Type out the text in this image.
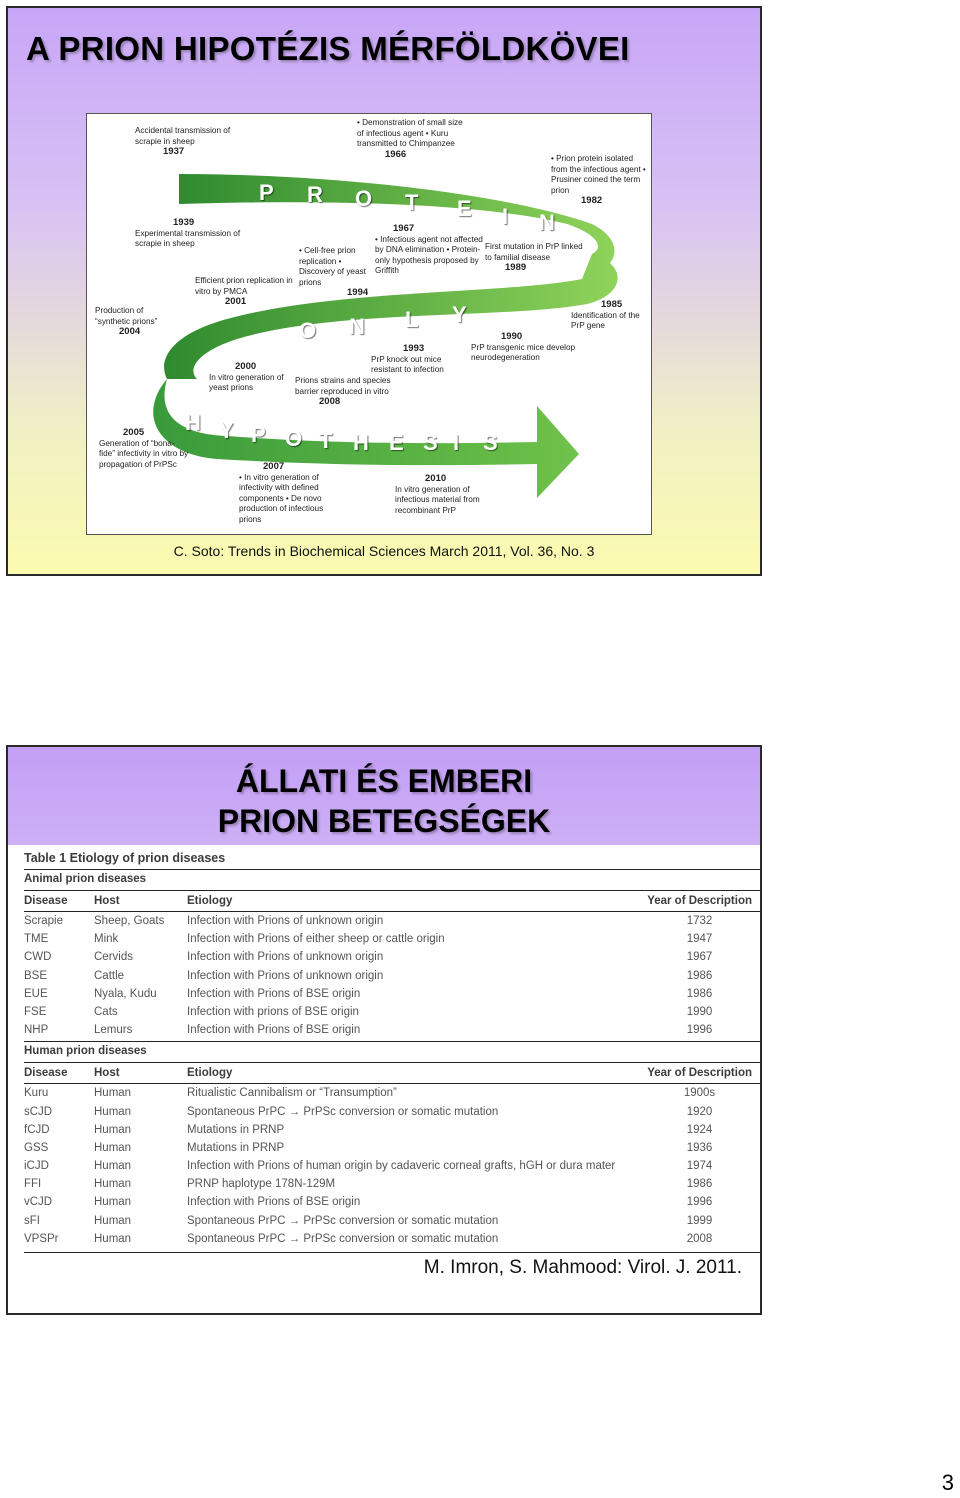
A PRION HIPOTÉZIS MÉRFÖLDKÖVEI
P R O T E I N
O N L Y
H Y P O T H E S I S
Accidental transmission of scrapie in sheep
1937
• Demonstration of small size of infectious agent • Kuru transmitted to Chimpanzee
1966	• Prion protein isolated from the infectious agent • Prusiner coined the term prion
1982
1939
Experimental transmission of scrapie in sheep
1967
• Infectious agent not affected by DNA elimination • Protein-only hypothesis proposed by Griffith
First mutation in PrP linked to familial disease
1989
Efficient prion replication in vitro by PMCA
2001
• Cell-free prion replication • Discovery of yeast prions
1994
Production of “synthetic prions”
2004
1985
Identification of the PrP gene
1990
PrP transgenic mice develop neurodegeneration
1993
PrP knock out mice resistant to infection
2000
In vitro generation of yeast prions
Prions strains and species barrier reproduced in vitro
2008
2005
Generation of “bona-fide” infectivity in vitro by propagation of PrPSc	2007
• In vitro generation of infectivity with defined components • De novo production of infectious prions
2010
In vitro generation of infectious material from recombinant PrP
C. Soto: Trends in Biochemical Sciences March 2011, Vol. 36, No. 3
ÁLLATI ÉS EMBERI
PRION BETEGSÉGEK
Table 1 Etiology of prion diseases
Animal prion diseases
Disease	Host	Etiology	Year of Description
Scrapie	Sheep, Goats	Infection with Prions of unknown origin	1732
TME	Mink	Infection with Prions of either sheep or cattle origin	1947
CWD	Cervids	Infection with Prions of unknown origin	1967
BSE	Cattle	Infection with Prions of unknown origin	1986
EUE	Nyala, Kudu	Infection with Prions of BSE origin	1986
FSE	Cats	Infection with prions of BSE origin	1990
NHP	Lemurs	Infection with Prions of BSE origin	1996
Human prion diseases
Disease	Host	Etiology	Year of Description
Kuru	Human	Ritualistic Cannibalism or “Transumption”	1900s
sCJD	Human	Spontaneous PrPC → PrPSc conversion or somatic mutation	1920
fCJD	Human	Mutations in PRNP	1924
GSS	Human	Mutations in PRNP	1936
iCJD	Human	Infection with Prions of human origin by cadaveric corneal grafts, hGH or dura mater	1974
FFI	Human	PRNP haplotype 178N-129M	1986
vCJD	Human	Infection with Prions of BSE origin	1996
sFI	Human	Spontaneous PrPC → PrPSc conversion or somatic mutation	1999
VPSPr	Human	Spontaneous PrPC → PrPSc conversion or somatic mutation	2008
M. Imron, S. Mahmood: Virol. J. 2011.
3
